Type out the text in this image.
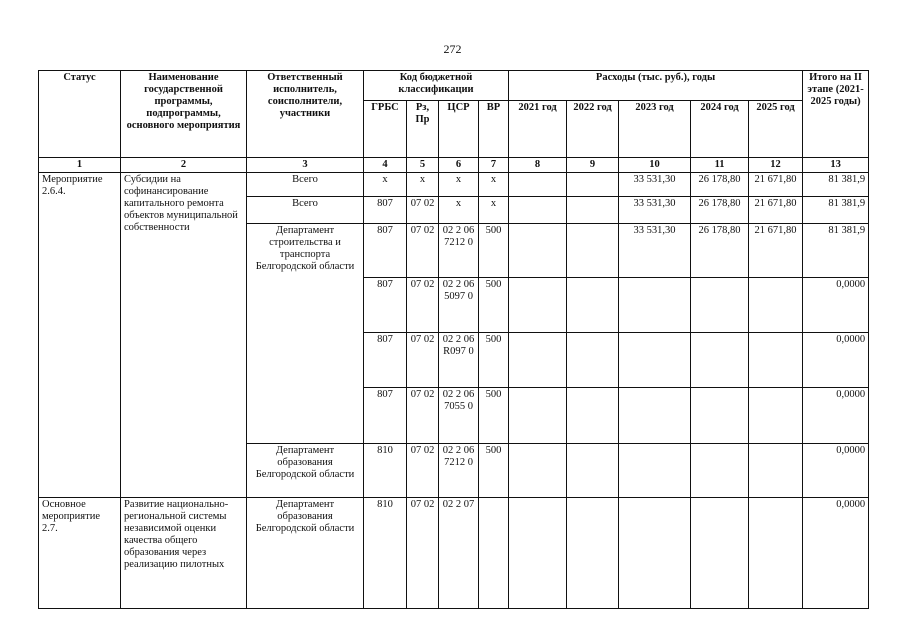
272
Статус	Наименование государственной программы, подпрограммы, основного мероприятия	Ответственный исполнитель, соисполнители, участники	Код бюджетной классификации				Расходы (тыс. руб.), годы					Итого на II этапе (2021-2025 годы)
			ГРБС	Рз, Пр	ЦСР	ВР	2021 год	2022 год	2023 год	2024 год	2025 год	
1	2	3	4	5	6	7	8	9	10	11	12	13
Мероприятие 2.6.4.	Субсидии на софинансирование капитального ремонта объектов муниципальной собственности	Всего	x	x	x	x			33 531,30	26 178,80	21 671,80	81 381,9
		Всего	807	07 02	x	x			33 531,30	26 178,80	21 671,80	81 381,9
		Департамент строительства и транспорта Белгородской области	807	07 02	02 2 06 7212 0	500			33 531,30	26 178,80	21 671,80	81 381,9
			807	07 02	02 2 06 5097 0	500						0,0000
			807	07 02	02 2 06 R097 0	500						0,0000
			807	07 02	02 2 06 7055 0	500						0,0000
		Департамент образования Белгородской области	810	07 02	02 2 06 7212 0	500						0,0000
Основное мероприятие 2.7.	Развитие национально-региональной системы независимой оценки качества общего образования через реализацию пилотных	Департамент образования Белгородской области	810	07 02	02 2 07							0,0000
